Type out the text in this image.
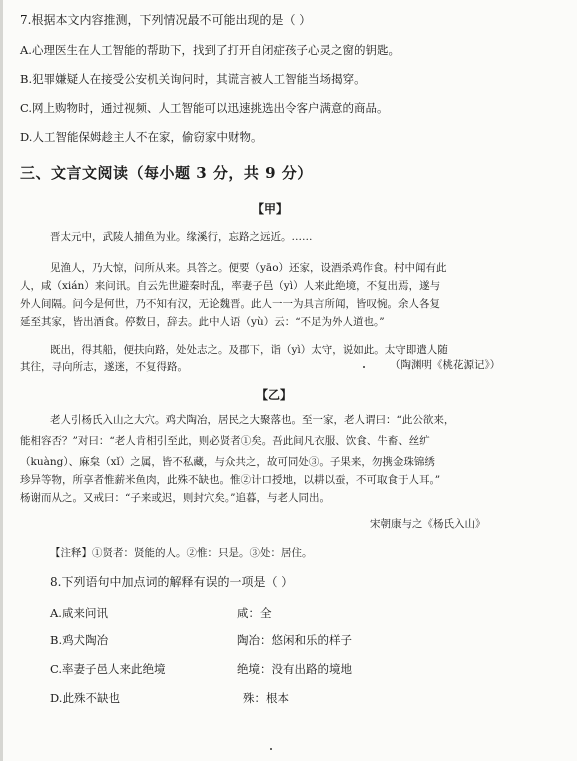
7.根据本文内容推测，下列情况最不可能出现的是（ ）
A.心理医生在人工智能的帮助下，找到了打开自闭症孩子心灵之窗的钥匙。
B.犯罪嫌疑人在接受公安机关询问时，其谎言被人工智能当场揭穿。
C.网上购物时，通过视频、人工智能可以迅速挑选出令客户满意的商品。
D.人工智能保姆趁主人不在家，偷窃家中财物。
三、文言文阅读（每小题 3 分，共 9 分）
【甲】
晋太元中，武陵人捕鱼为业。缘溪行，忘路之远近。……
见渔人，乃大惊，问所从来。具答之。便要（yāo）还家，设酒杀鸡作食。村中闻有此
人，咸（xián）来问讯。自云先世避秦时乱，率妻子邑（yì）人来此绝境，不复出焉，遂与
外人间隔。问今是何世，乃不知有汉，无论魏晋。此人一一为具言所闻，皆叹惋。余人各复
延至其家，皆出酒食。停数日，辞去。此中人语（yù）云：“不足为外人道也。”
既出，得其船，便扶向路，处处志之。及郡下，诣（yì）太守，说如此。太守即遣人随
其往，寻向所志，遂迷，不复得路。	（陶渊明《桃花源记》）
【乙】
老人引杨氏入山之大穴。鸡犬陶冶，居民之大聚落也。至一家，老人谓曰：“此公欲来，
能相容否？”对曰：“老人肯相引至此，则必贤者①矣。吾此间凡衣服、饮食、牛畜、丝纩
（kuàng）、麻枲（xǐ）之属，皆不私藏，与众共之，故可同处③。子果来，勿携金珠锦绣
珍异等物，所享者惟薪米鱼肉，此殊不缺也。惟②计口授地，以耕以蚕，不可取食于人耳。”
杨谢而从之。又戒曰：“子来或迟，则封穴矣。”追暮，与老人同出。
宋朝康与之《杨氏入山》
【注释】①贤者：贤能的人。②惟：只是。③处：居住。
8.下列语句中加点词的解释有误的一项是（ ）
A.咸来问讯	咸：全
B.鸡犬陶冶	陶冶：悠闲和乐的样子
C.率妻子邑人来此绝境	绝境：没有出路的境地
D.此殊不缺也	殊：根本
